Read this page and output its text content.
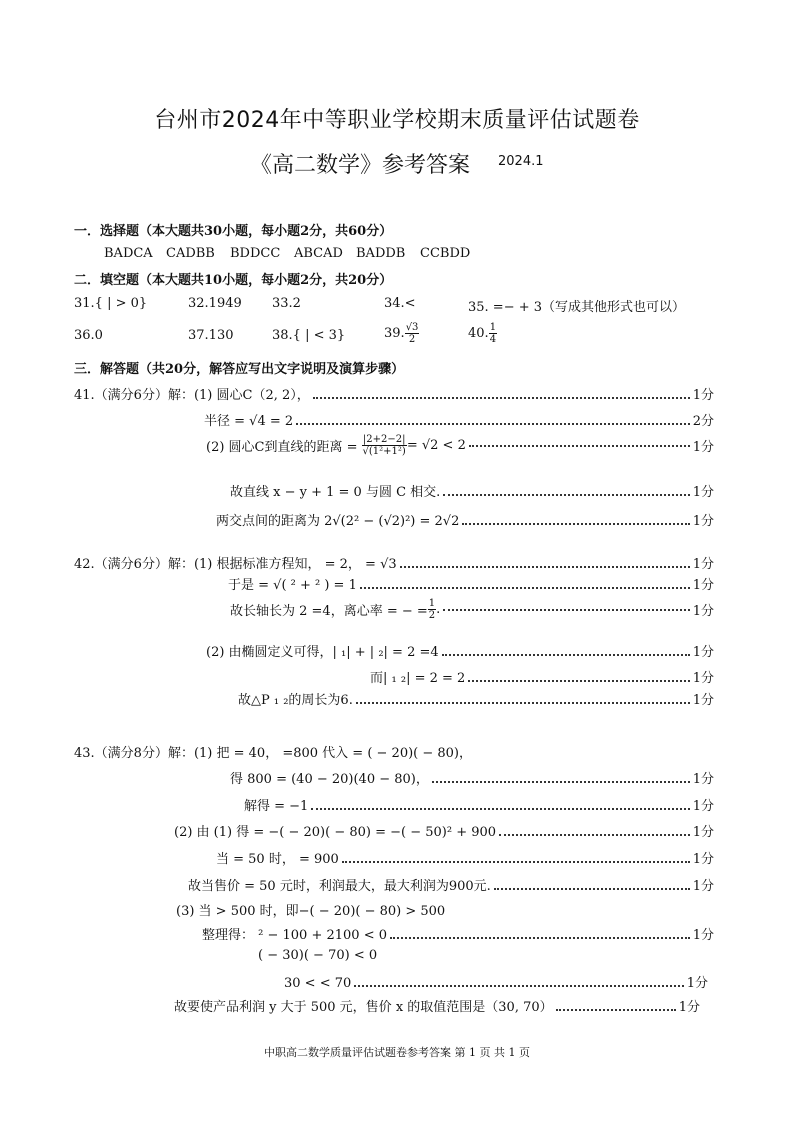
台州市2024年中等职业学校期末质量评估试题卷
《高二数学》参考答案 2024.1
一．选择题（本大题共30小题，每小题2分，共60分）
BADCA CADBB BDDCC ABCAD BADDB CCBDD
二．填空题（本大题共10小题，每小题2分，共20分）
31.{ | > 0}	32.1949 33.2	34.<	35. =− + 3（写成其他形式也可以）
36.0	37.130	38.{ | < 3}	39. $\frac{√3}{2}$	40. $\frac{1}{4}$
三．解答题（共20分，解答应写出文字说明及演算步骤）
41.（满分6分）解：(1) 圆心C（2, 2），	1分
半径 = √4 = 2	2分
(2) 圆心C到直线的距离 = $\frac{|2+2-2|}{\text{√(1²+1²)}} = √2 < 2$	1分
故直线 x − y + 1 = 0 与圆 C 相交.	1分
两交点间的距离为 2√(2² − (√2)²) = 2√2	1分
42.（满分6分）解：(1) 根据标准方程知， = 2， = √3	1分
于是 = √( ² + ² ) = 1	1分
故长轴长为 2 =4，离心率 = − = $\frac{1}{2}$ .	1分
(2) 由椭圆定义可得，| ₁| + | ₂| = 2 =4	1分
而| ₁ ₂| = 2 = 2	1分
故△P ₁ ₂的周长为6.	1分
43.（满分8分）解：(1) 把 = 40， =800 代入 = ( − 20)( − 80)，
得 800 = (40 − 20)(40 − 80)，	1分
解得 = −1	1分
(2) 由 (1) 得 = −( − 20)( − 80) = −( − 50)² + 900	1分
当 = 50 时， = 900	1分
故当售价 = 50 元时，利润最大，最大利润为900元.	1分
(3) 当 > 500 时，即−( − 20)( − 80) > 500
整理得： ² − 100 + 2100 < 0	1分
( − 30)( − 70) < 0
30 < < 70	1分
故要使产品利润 y 大于 500 元，售价 x 的取值范围是（30, 70）	1分
中职高二数学质量评估试题卷参考答案 第 1 页 共 1 页
